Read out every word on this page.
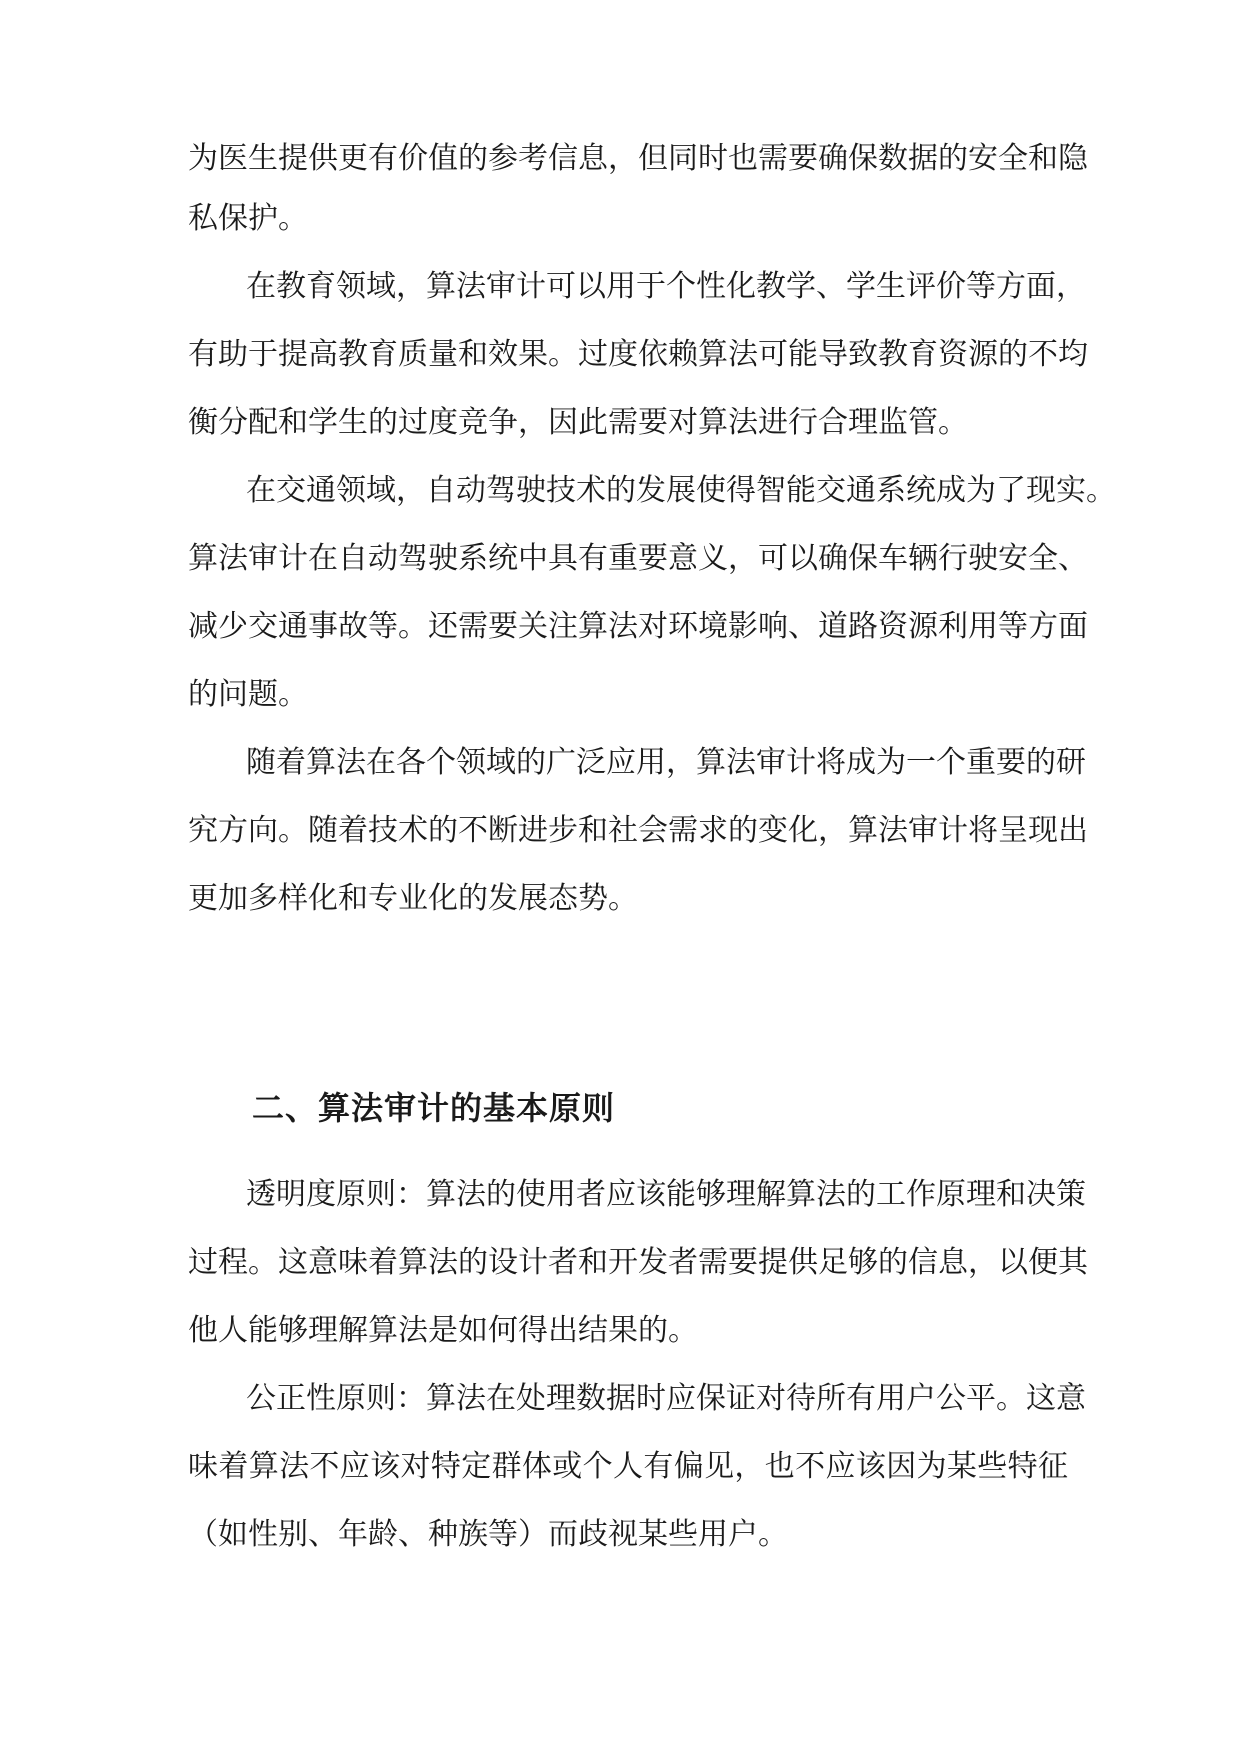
为医生提供更有价值的参考信息，但同时也需要确保数据的安全和隐
私保护。
在教育领域，算法审计可以用于个性化教学、学生评价等方面，
有助于提高教育质量和效果。过度依赖算法可能导致教育资源的不均
衡分配和学生的过度竞争，因此需要对算法进行合理监管。
在交通领域，自动驾驶技术的发展使得智能交通系统成为了现实。
算法审计在自动驾驶系统中具有重要意义，可以确保车辆行驶安全、
减少交通事故等。还需要关注算法对环境影响、道路资源利用等方面
的问题。
随着算法在各个领域的广泛应用，算法审计将成为一个重要的研
究方向。随着技术的不断进步和社会需求的变化，算法审计将呈现出
更加多样化和专业化的发展态势。
二、算法审计的基本原则
透明度原则：算法的使用者应该能够理解算法的工作原理和决策
过程。这意味着算法的设计者和开发者需要提供足够的信息，以便其
他人能够理解算法是如何得出结果的。
公正性原则：算法在处理数据时应保证对待所有用户公平。这意
味着算法不应该对特定群体或个人有偏见，也不应该因为某些特征
（如性别、年龄、种族等）而歧视某些用户。
